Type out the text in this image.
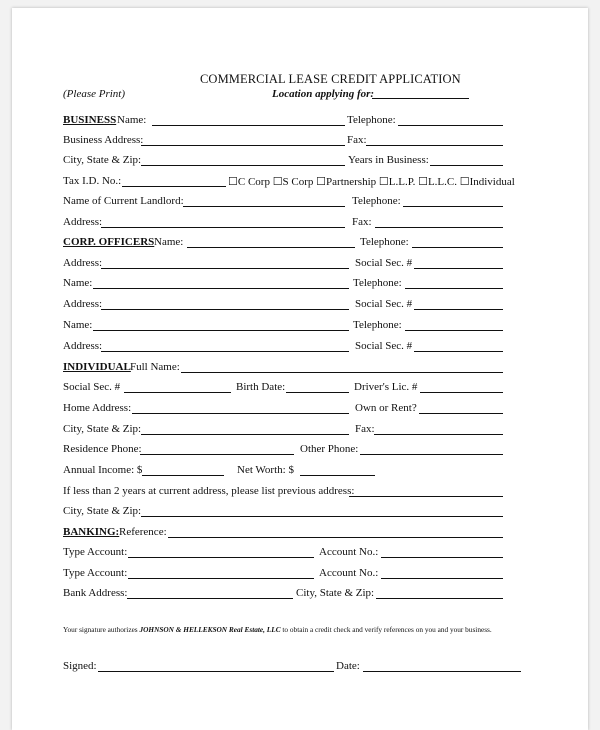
COMMERCIAL LEASE CREDIT APPLICATION
(Please Print)	Location applying for:
BUSINESS Name:	Telephone:
Business Address:	Fax:
City, State & Zip:	Years in Business:
Tax I.D. No.:	☐C Corp ☐S Corp ☐Partnership ☐L.L.P. ☐L.L.C. ☐Individual
Name of Current Landlord:	Telephone:
Address:	Fax:
CORP. OFFICERS Name:	Telephone:
Address:	Social Sec. #
Name:	Telephone:
Address:	Social Sec. #
Name:	Telephone:
Address:	Social Sec. #
INDIVIDUAL Full Name:
Social Sec. #	Birth Date:	Driver's Lic. #
Home Address:	Own or Rent?
City, State & Zip:	Fax:
Residence Phone:	Other Phone:
Annual Income: $	Net Worth: $
If less than 2 years at current address, please list previous address:
City, State & Zip:
BANKING: Reference:
Type Account:	Account No.:
Type Account:	Account No.:
Bank Address:	City, State & Zip:
Your signature authorizes JOHNSON & HELLEKSON Real Estate, LLC to obtain a credit check and verify references on you and your business.
Signed:	Date:
